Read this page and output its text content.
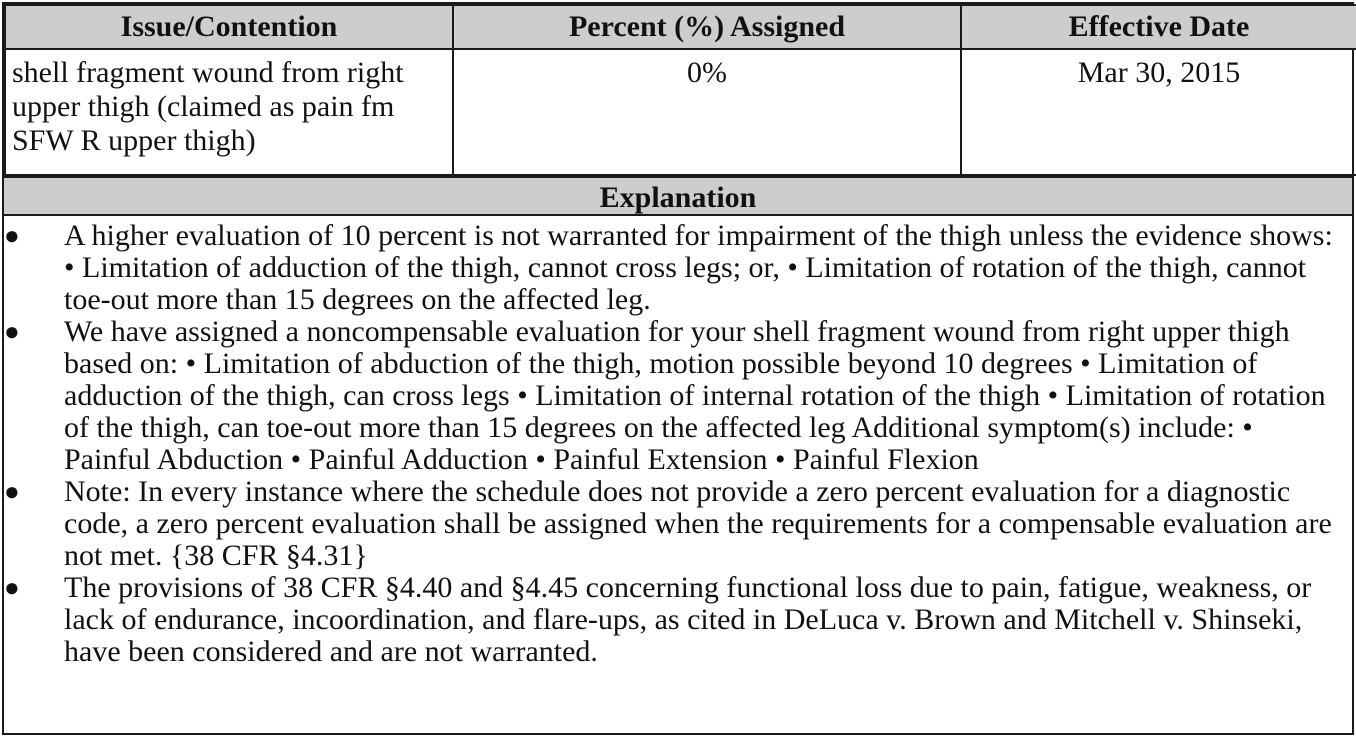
Issue/Contention	Percent (%) Assigned	Effective Date
shell fragment wound from right upper thigh (claimed as pain fm SFW R upper thigh)	0%	Mar 30, 2015
Explanation
●	A higher evaluation of 10 percent is not warranted for impairment of the thigh unless the evidence shows: • Limitation of adduction of the thigh, cannot cross legs; or, • Limitation of rotation of the thigh, cannot toe-out more than 15 degrees on the affected leg.
●	We have assigned a noncompensable evaluation for your shell fragment wound from right upper thigh based on: • Limitation of abduction of the thigh, motion possible beyond 10 degrees • Limitation of adduction of the thigh, can cross legs • Limitation of internal rotation of the thigh • Limitation of rotation of the thigh, can toe-out more than 15 degrees on the affected leg Additional symptom(s) include: • Painful Abduction • Painful Adduction • Painful Extension • Painful Flexion
●	Note: In every instance where the schedule does not provide a zero percent evaluation for a diagnostic code, a zero percent evaluation shall be assigned when the requirements for a compensable evaluation are not met. {38 CFR §4.31}
●	The provisions of 38 CFR §4.40 and §4.45 concerning functional loss due to pain, fatigue, weakness, or lack of endurance, incoordination, and flare-ups, as cited in DeLuca v. Brown and Mitchell v. Shinseki, have been considered and are not warranted.
